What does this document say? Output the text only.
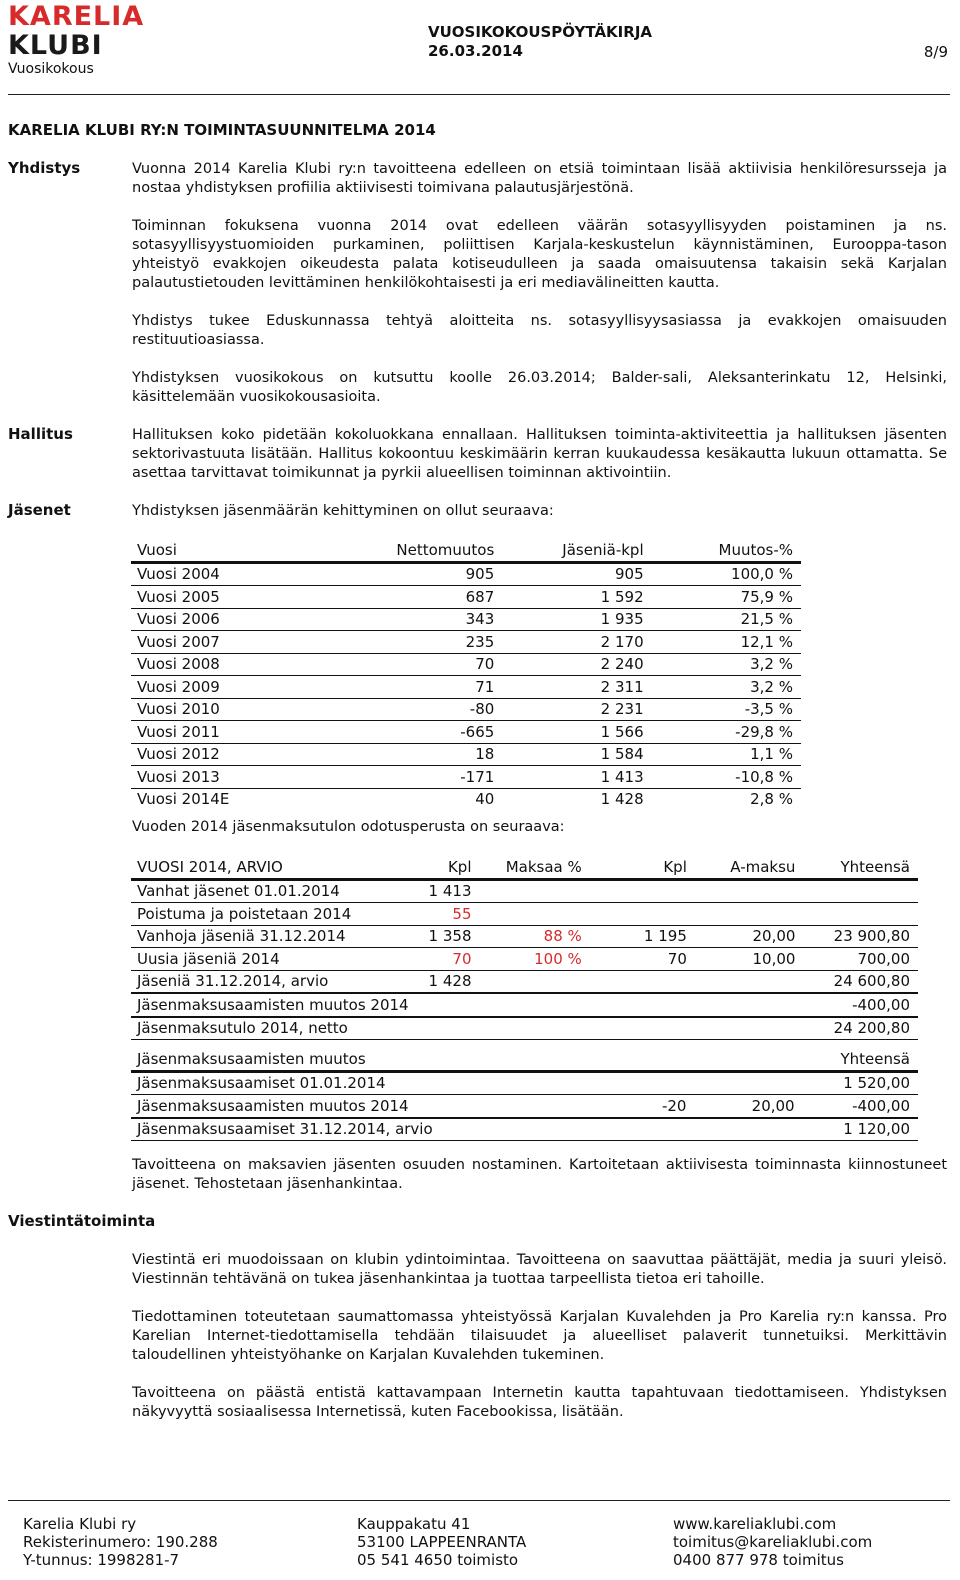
KARELIA
KLUBI
Vuosikokous
VUOSIKOKOUSPÖYTÄKIRJA
26.03.2014	8/9
KARELIA KLUBI RY:N TOIMINTASUUNNITELMA 2014
Yhdistys	Vuonna 2014 Karelia Klubi ry:n tavoitteena edelleen on etsiä toimintaan lisää aktiivisia henkilöresursseja ja nostaa yhdistyksen profiilia aktiivisesti toimivana palautusjärjestönä.
Toiminnan fokuksena vuonna 2014 ovat edelleen väärän sotasyyllisyyden poistaminen ja ns. sotasyyllisyystuomioiden purkaminen, poliittisen Karjala-keskustelun käynnistäminen, Eurooppa-tason yhteistyö evakkojen oikeudesta palata kotiseudulleen ja saada omaisuutensa takaisin sekä Karjalan palautustietouden levittäminen henkilökohtaisesti ja eri mediavälineitten kautta.
Yhdistys tukee Eduskunnassa tehtyä aloitteita ns. sotasyyllisyysasiassa ja evakkojen omaisuuden restituutioasiassa.
Yhdistyksen vuosikokous on kutsuttu koolle 26.03.2014; Balder-sali, Aleksanterinkatu 12, Helsinki, käsittelemään vuosikokousasioita.
Hallitus	Hallituksen koko pidetään kokoluokkana ennallaan. Hallituksen toiminta-aktiviteettia ja hallituksen jäsenten sektorivastuuta lisätään. Hallitus kokoontuu keskimäärin kerran kuukaudessa kesäkautta lukuun ottamatta. Se asettaa tarvittavat toimikunnat ja pyrkii alueellisen toiminnan aktivointiin.
Jäsenet	Yhdistyksen jäsenmäärän kehittyminen on ollut seuraava:
Vuosi	Nettomuutos	Jäseniä-kpl	Muutos-%
Vuosi 2004	905	905	100,0 %
Vuosi 2005	687	1 592	75,9 %
Vuosi 2006	343	1 935	21,5 %
Vuosi 2007	235	2 170	12,1 %
Vuosi 2008	70	2 240	3,2 %
Vuosi 2009	71	2 311	3,2 %
Vuosi 2010	-80	2 231	-3,5 %
Vuosi 2011	-665	1 566	-29,8 %
Vuosi 2012	18	1 584	1,1 %
Vuosi 2013	-171	1 413	-10,8 %
Vuosi 2014E	40	1 428	2,8 %
Vuoden 2014 jäsenmaksutulon odotusperusta on seuraava:
VUOSI 2014, ARVIO	Kpl	Maksaa %	Kpl	A-maksu	Yhteensä
Vanhat jäsenet 01.01.2014	1 413				
Poistuma ja poistetaan 2014	55				
Vanhoja jäseniä 31.12.2014	1 358	88 %	1 195	20,00	23 900,80
Uusia jäseniä 2014	70	100 %	70	10,00	700,00
Jäseniä 31.12.2014, arvio	1 428				24 600,80
Jäsenmaksusaamisten muutos 2014					-400,00
Jäsenmaksutulo 2014, netto					24 200,80
Jäsenmaksusaamisten muutos			Yhteensä
Jäsenmaksusaamiset 01.01.2014			1 520,00
Jäsenmaksusaamisten muutos 2014	-20	20,00	-400,00
Jäsenmaksusaamiset 31.12.2014, arvio			1 120,00
Tavoitteena on maksavien jäsenten osuuden nostaminen. Kartoitetaan aktiivisesta toiminnasta kiinnostuneet jäsenet. Tehostetaan jäsenhankintaa.
Viestintätoiminta
Viestintä eri muodoissaan on klubin ydintoimintaa. Tavoitteena on saavuttaa päättäjät, media ja suuri yleisö. Viestinnän tehtävänä on tukea jäsenhankintaa ja tuottaa tarpeellista tietoa eri tahoille.
Tiedottaminen toteutetaan saumattomassa yhteistyössä Karjalan Kuvalehden ja Pro Karelia ry:n kanssa. Pro Karelian Internet-tiedottamisella tehdään tilaisuudet ja alueelliset palaverit tunnetuiksi. Merkittävin taloudellinen yhteistyöhanke on Karjalan Kuvalehden tukeminen.
Tavoitteena on päästä entistä kattavampaan Internetin kautta tapahtuvaan tiedottamiseen. Yhdistyksen näkyvyyttä sosiaalisessa Internetissä, kuten Facebookissa, lisätään.
Karelia Klubi ry
Rekisterinumero: 190.288
Y-tunnus: 1998281-7
Kauppakatu 41
53100 LAPPEENRANTA
05 541 4650 toimisto
www.kareliaklubi.com
toimitus@kareliaklubi.com
0400 877 978 toimitus
